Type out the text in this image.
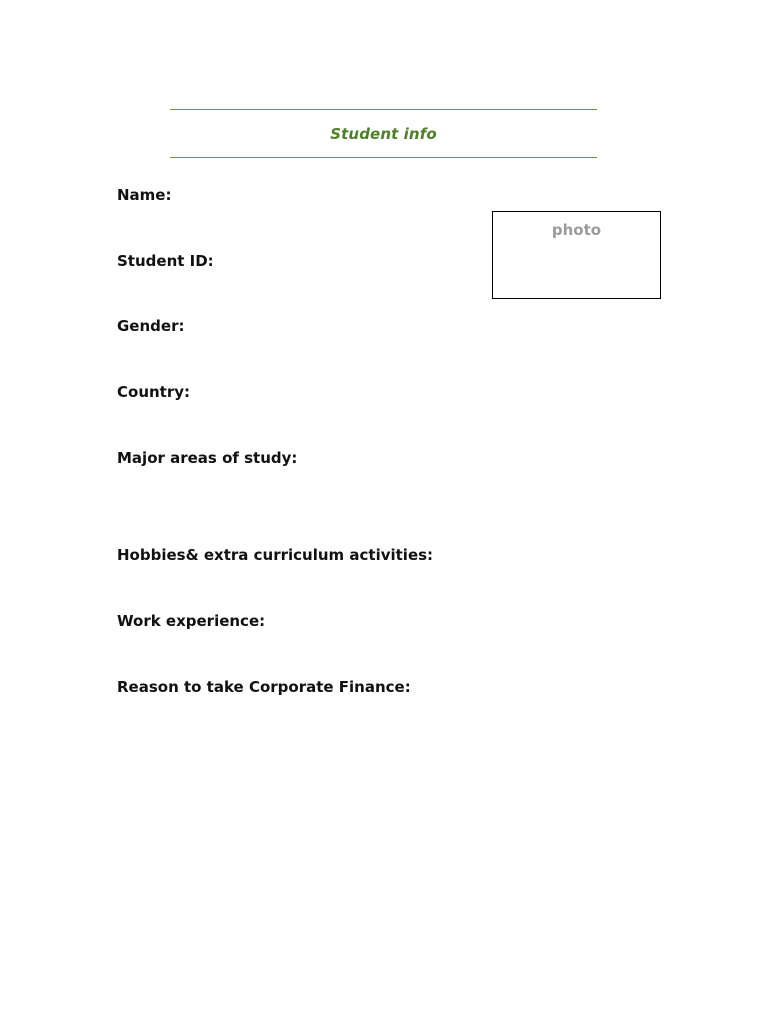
Student info
Name:
Student ID:
Gender:
Country:
Major areas of study:
Hobbies& extra curriculum activities:
Work experience:
Reason to take Corporate Finance:
photo
